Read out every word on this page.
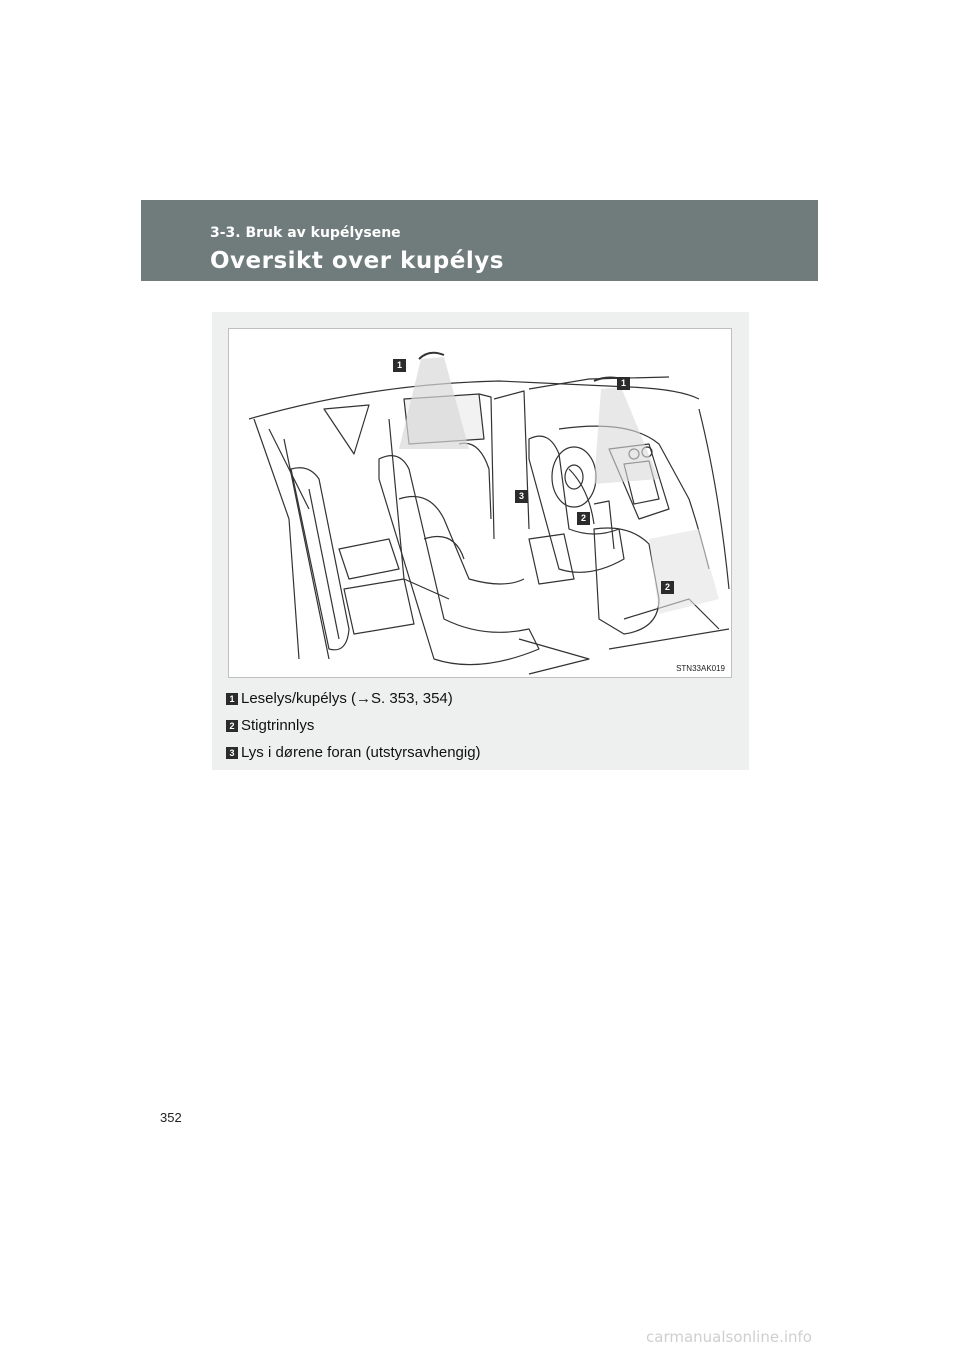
3-3. Bruk av kupélysene
Oversikt over kupélys
1
1
3
2
2
STN33AK019
1 Leselys/kupélys (→S. 353, 354)
2 Stigtrinnlys
3 Lys i dørene foran (utstyrsavhengig)
352
carmanualsonline.info
